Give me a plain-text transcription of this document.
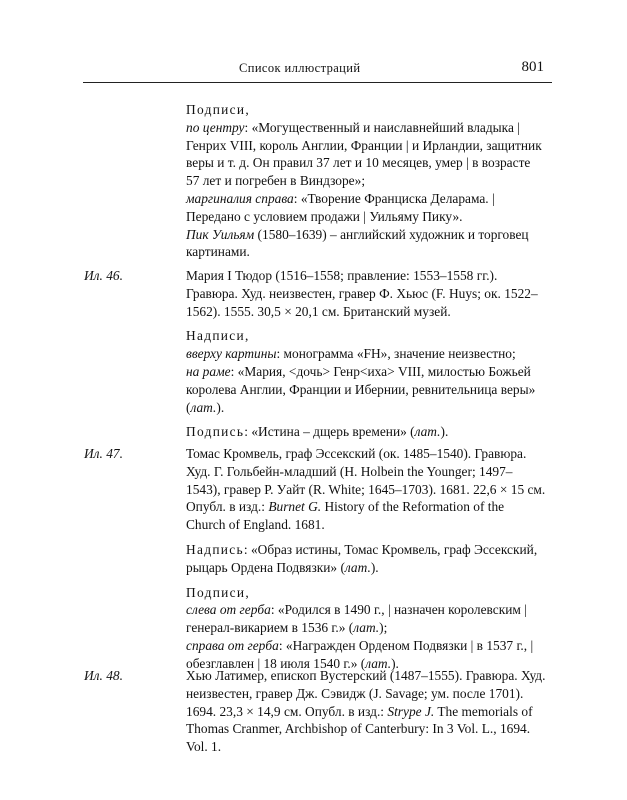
Список иллюстраций	801

Подписи,

по центру: «Могущественный и наиславнейший владыка | Генрих VIII, король Англии, Франции | и Ирландии, защитник веры и т. д. Он правил 37 лет и 10 месяцев, умер | в возрасте 57 лет и погребен в Виндзоре»;

маргиналия справа: «Творение Франциска Деларама. | Передано с условием продажи | Уильяму Пику».

Пик Уильям (1580–1639) – английский художник и торговец картинами.

Ил. 46.	Мария I Тюдор (1516–1558; правление: 1553–1558 гг.). Гравюра. Худ. неизвестен, гравер Ф. Хьюс (F. Huys; ок. 1522–1562). 1555. 30,5 × 20,1 см. Британский музей.

Надписи,

вверху картины: монограмма «FH», значение неизвестно;

на раме: «Мария, <дочь> Генр<иха> VIII, милостью Божьей королева Англии, Франции и Ибернии, ревнительница веры» (лат.).

Подпись: «Истина – дщерь времени» (лат.).

Ил. 47.	Томас Кромвель, граф Эссекский (ок. 1485–1540). Гравюра. Худ. Г. Гольбейн-младший (H. Holbein the Younger; 1497–1543), гравер Р. Уайт (R. White; 1645–1703). 1681. 22,6 × 15 см. Опубл. в изд.: Burnet G. History of the Reformation of the Church of England. 1681.

Надпись: «Образ истины, Томас Кромвель, граф Эссекский, рыцарь Ордена Подвязки» (лат.).

Подписи,

слева от герба: «Родился в 1490 г., | назначен королевским | генерал-викарием в 1536 г.» (лат.);

справа от герба: «Награжден Орденом Подвязки | в 1537 г., | обезглавлен | 18 июля 1540 г.» (лат.).

Ил. 48.	Хью Латимер, епископ Вустерский (1487–1555). Гравюра. Худ. неизвестен, гравер Дж. Сэвидж (J. Savage; ум. после 1701). 1694. 23,3 × 14,9 см. Опубл. в изд.: Strype J. The memorials of Thomas Cranmer, Archbishop of Canterbury: In 3 Vol. L., 1694. Vol. 1.
